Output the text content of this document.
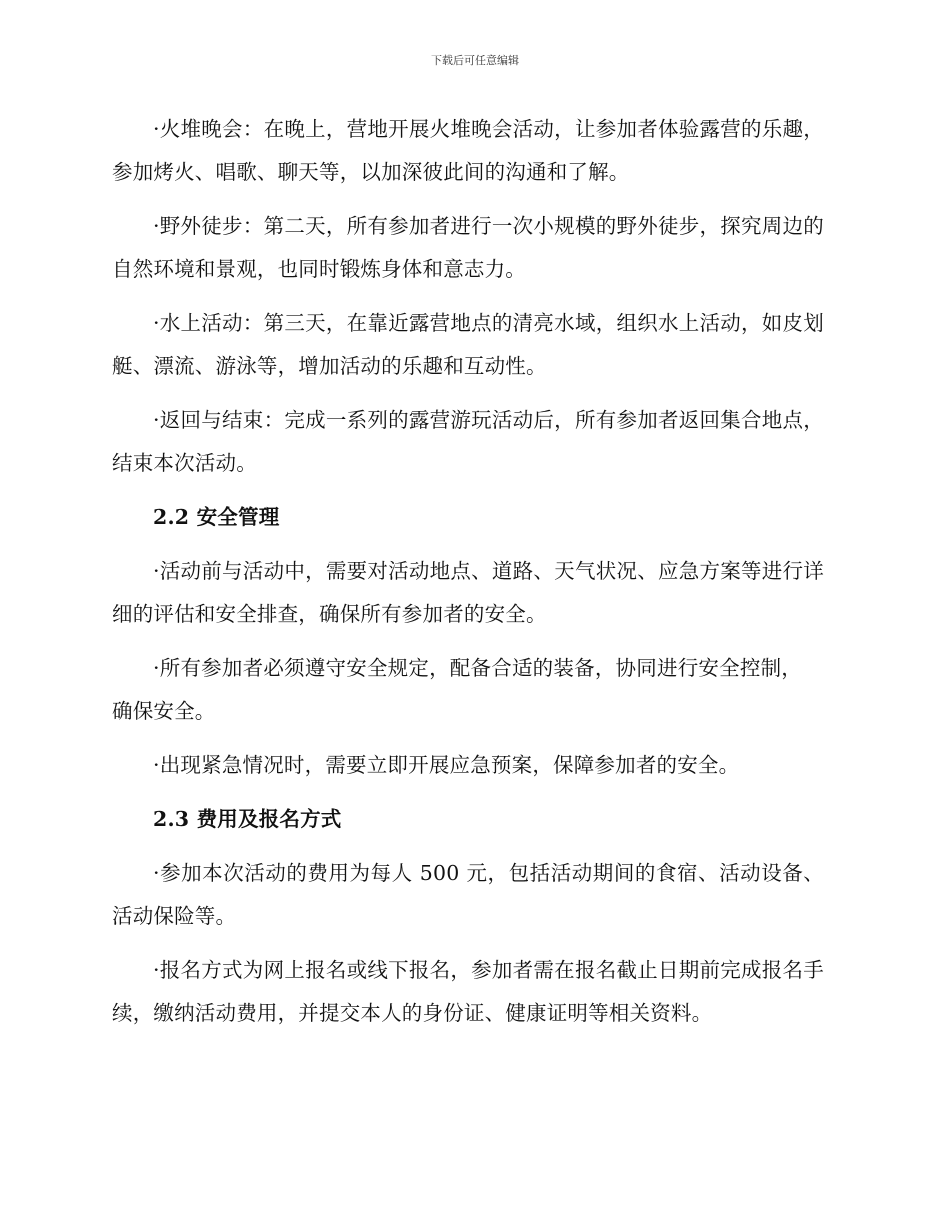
下载后可任意编辑

·火堆晚会：在晚上，营地开展火堆晚会活动，让参加者体验露营的乐趣，参加烤火、唱歌、聊天等，以加深彼此间的沟通和了解。

·野外徒步：第二天，所有参加者进行一次小规模的野外徒步，探究周边的自然环境和景观，也同时锻炼身体和意志力。

·水上活动：第三天，在靠近露营地点的清亮水域，组织水上活动，如皮划艇、漂流、游泳等，增加活动的乐趣和互动性。

·返回与结束：完成一系列的露营游玩活动后，所有参加者返回集合地点，结束本次活动。

2.2 安全管理

·活动前与活动中，需要对活动地点、道路、天气状况、应急方案等进行详细的评估和安全排查，确保所有参加者的安全。

·所有参加者必须遵守安全规定，配备合适的装备，协同进行安全控制，确保安全。

·出现紧急情况时，需要立即开展应急预案，保障参加者的安全。

2.3 费用及报名方式

·参加本次活动的费用为每人 500 元，包括活动期间的食宿、活动设备、活动保险等。

·报名方式为网上报名或线下报名，参加者需在报名截止日期前完成报名手续，缴纳活动费用，并提交本人的身份证、健康证明等相关资料。
